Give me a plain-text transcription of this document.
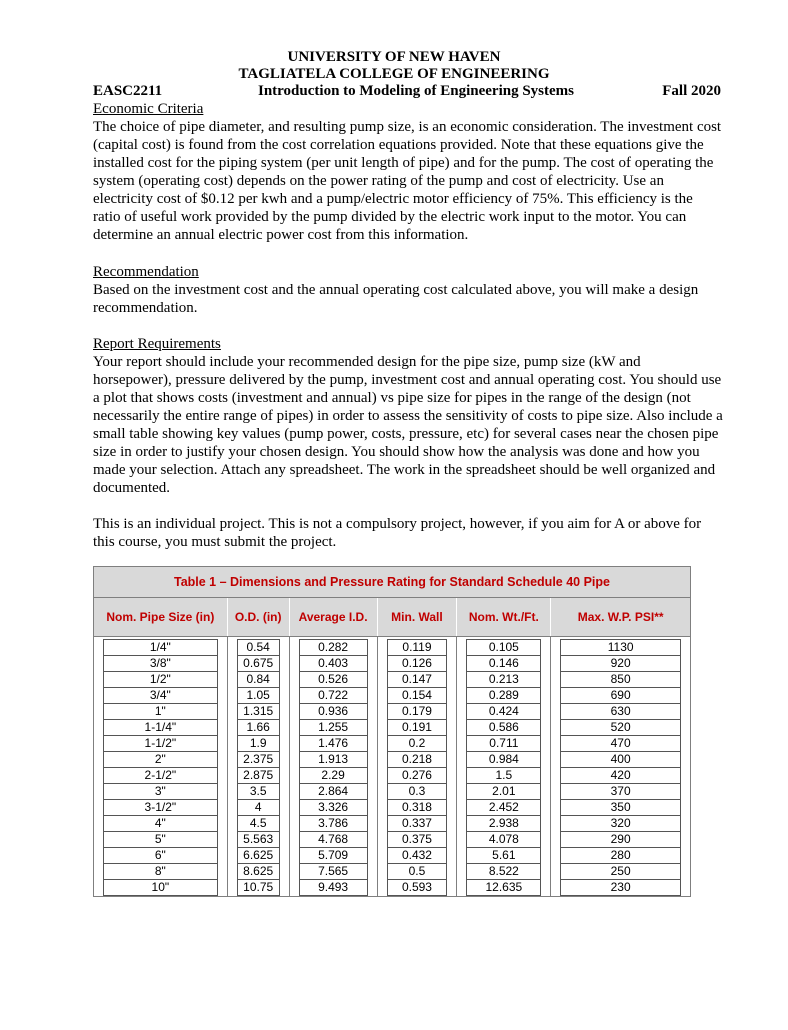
UNIVERSITY OF NEW HAVEN
TAGLIATELA COLLEGE OF ENGINEERING
EASC2211	Introduction to Modeling of Engineering Systems	Fall 2020
Economic Criteria

The choice of pipe diameter, and resulting pump size, is an economic consideration. The investment cost (capital cost) is found from the cost correlation equations provided. Note that these equations give the installed cost for the piping system (per unit length of pipe) and for the pump. The cost of operating the system (operating cost) depends on the power rating of the pump and cost of electricity. Use an electricity cost of $0.12 per kwh and a pump/electric motor efficiency of 75%. This efficiency is the ratio of useful work provided by the pump divided by the electric work input to the motor. You can determine an annual electric power cost from this information.

Recommendation

Based on the investment cost and the annual operating cost calculated above, you will make a design recommendation.

Report Requirements

Your report should include your recommended design for the pipe size, pump size (kW and horsepower), pressure delivered by the pump, investment cost and annual operating cost. You should use a plot that shows costs (investment and annual) vs pipe size for pipes in the range of the design (not necessarily the entire range of pipes) in order to assess the sensitivity of costs to pipe size. Also include a small table showing key values (pump power, costs, pressure, etc) for several cases near the chosen pipe size in order to justify your chosen design. You should show how the analysis was done and how you made your selection. Attach any spreadsheet. The work in the spreadsheet should be well organized and documented.

This is an individual project. This is not a compulsory project, however, if you aim for A or above for this course, you must submit the project.

Table 1 – Dimensions and Pressure Rating for Standard Schedule 40 Pipe
Nom. Pipe Size (in)	O.D. (in)	Average I.D.	Min. Wall	Nom. Wt./Ft.	Max. W.P. PSI**

1/4"	0.54	0.282	0.119	0.105	1130

3/8"	0.675	0.403	0.126	0.146	920

1/2"	0.84	0.526	0.147	0.213	850

3/4"	1.05	0.722	0.154	0.289	690

1"	1.315	0.936	0.179	0.424	630

1-1/4"	1.66	1.255	0.191	0.586	520

1-1/2"	1.9	1.476	0.2	0.711	470

2"	2.375	1.913	0.218	0.984	400

2-1/2"	2.875	2.29	0.276	1.5	420

3"	3.5	2.864	0.3	2.01	370

3-1/2"	4	3.326	0.318	2.452	350

4"	4.5	3.786	0.337	2.938	320

5"	5.563	4.768	0.375	4.078	290

6"	6.625	5.709	0.432	5.61	280

8"	8.625	7.565	0.5	8.522	250

10"	10.75	9.493	0.593	12.635	230
